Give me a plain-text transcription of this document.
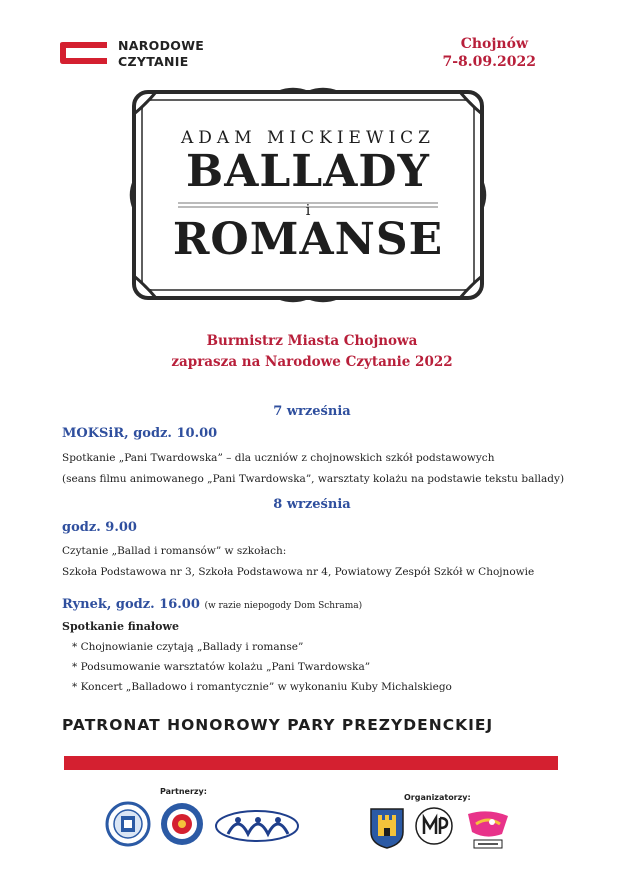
NARODOWE
CZYTANIE
Chojnów
7-8.09.2022
ADAM MICKIEWICZ
BALLADY
i
ROMANSE
Burmistrz Miasta Chojnowa
zaprasza na Narodowe Czytanie 2022
7 września
MOKSiR, godz. 10.00
Spotkanie „Pani Twardowska” – dla uczniów z chojnowskich szkół podstawowych
(seans filmu animowanego „Pani Twardowska”, warsztaty kolażu na podstawie tekstu ballady)
8 września
godz. 9.00
Czytanie „Ballad i romansów” w szkołach:
Szkoła Podstawowa nr 3, Szkoła Podstawowa nr 4, Powiatowy Zespół Szkół w Chojnowie
Rynek, godz. 16.00 (w razie niepogody Dom Schrama)
Spotkanie finałowe
* Chojnowianie czytają „Ballady i romanse”
* Podsumowanie warsztatów kolażu „Pani Twardowska”
* Koncert „Balladowo i romantycznie” w wykonaniu Kuby Michalskiego
PATRONAT HONOROWY PARY PREZYDENCKIEJ
Partnerzy:
Organizatorzy:
